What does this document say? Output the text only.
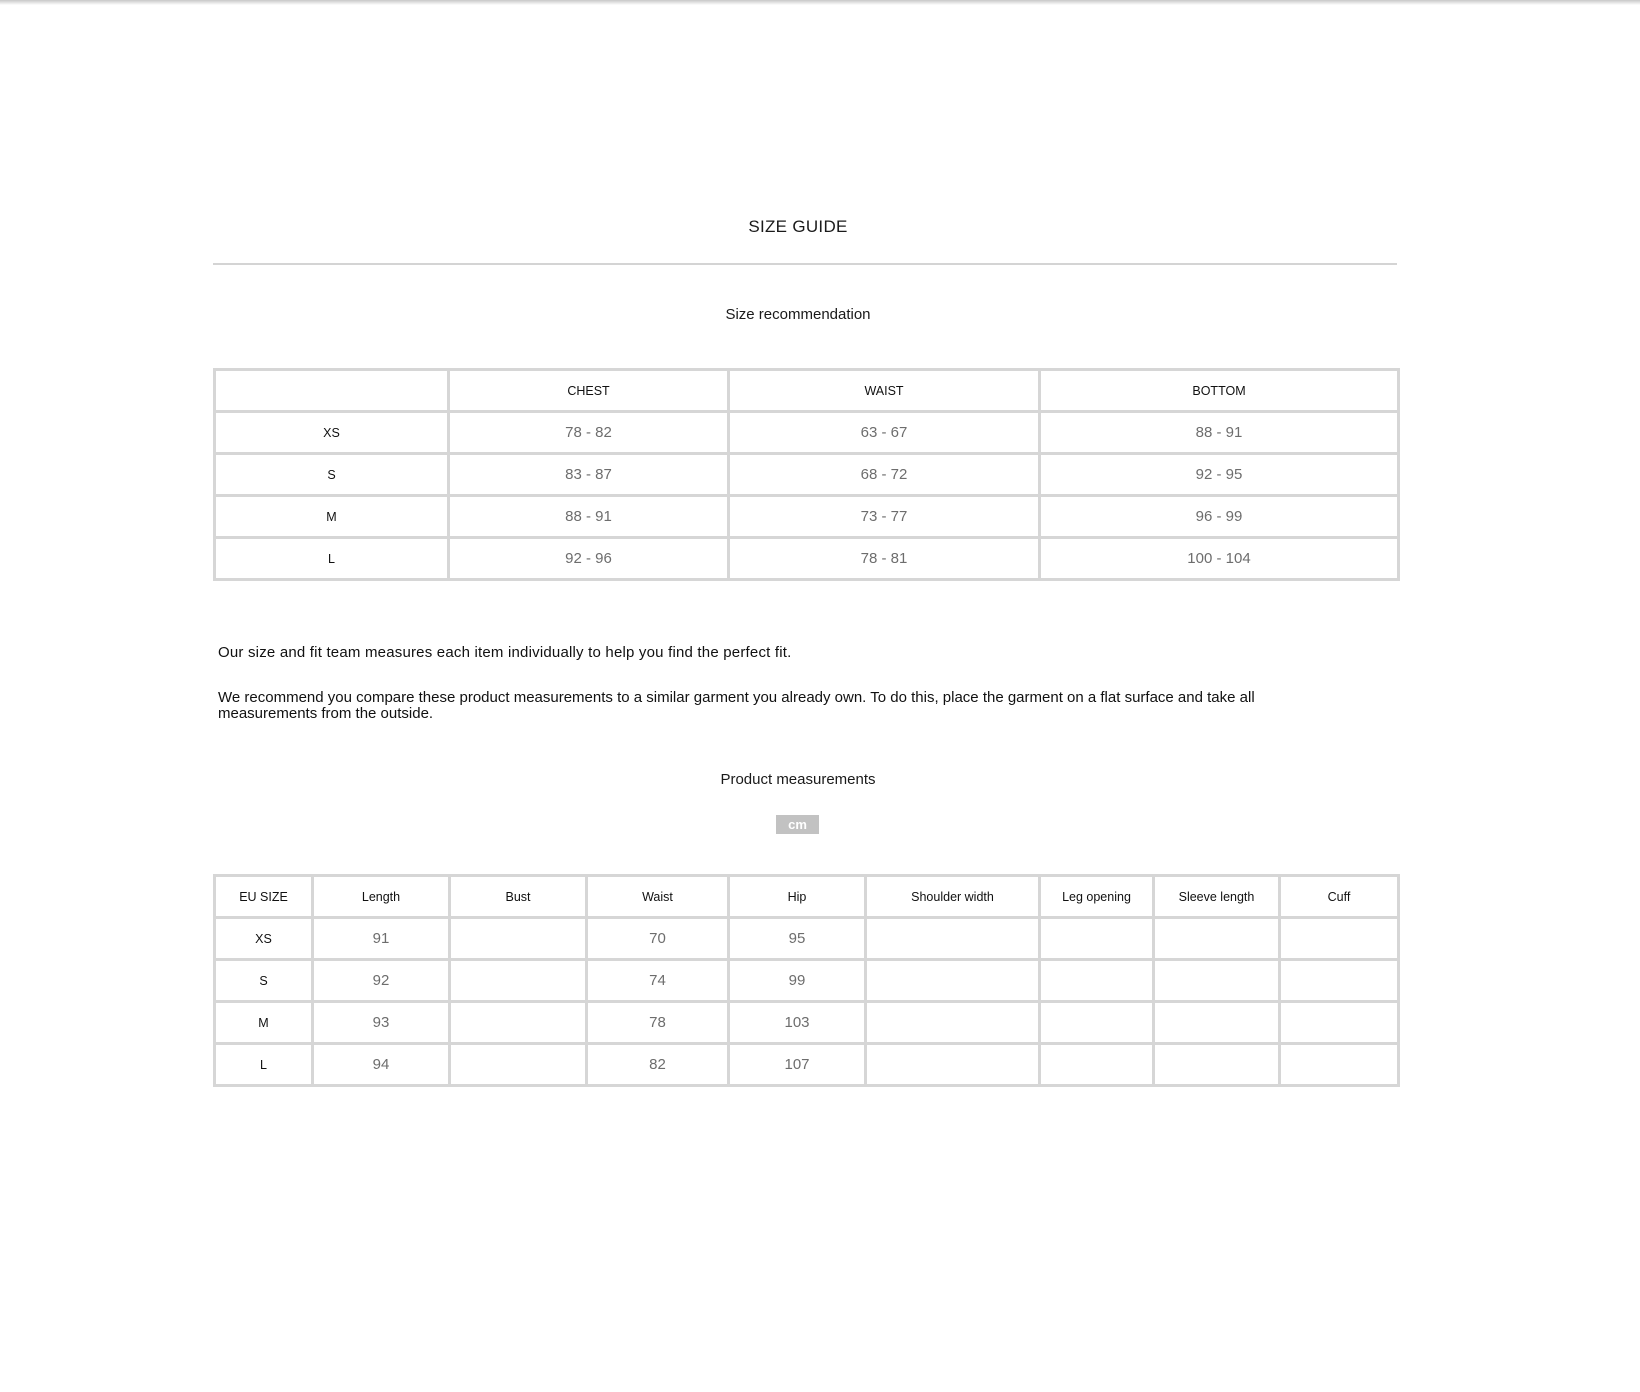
SIZE GUIDE
Size recommendation
	CHEST	WAIST	BOTTOM
XS	78 - 82	63 - 67	88 - 91
S	83 - 87	68 - 72	92 - 95
M	88 - 91	73 - 77	96 - 99
L	92 - 96	78 - 81	100 - 104
Our size and fit team measures each item individually to help you find the perfect fit.
We recommend you compare these product measurements to a similar garment you already own. To do this, place the garment on a flat surface and take all measurements from the outside.
Product measurements
cm
EU SIZE	Length	Bust	Waist	Hip	Shoulder width	Leg opening	Sleeve length	Cuff
XS	91		70	95				
S	92		74	99				
M	93		78	103				
L	94		82	107				
